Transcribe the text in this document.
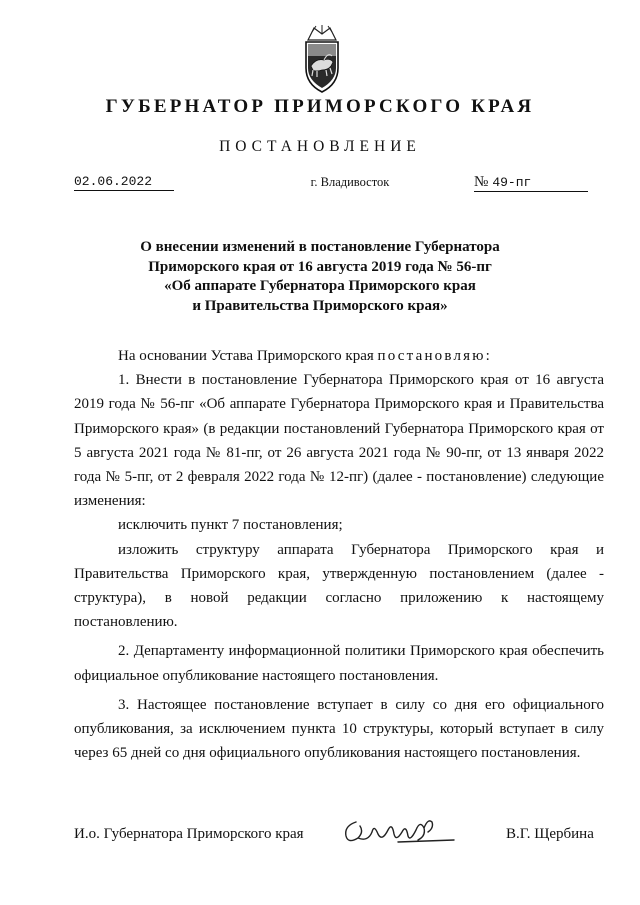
ГУБЕРНАТОР ПРИМОРСКОГО КРАЯ
ПОСТАНОВЛЕНИЕ
02.06.2022	г. Владивосток	№ 49-пг
О внесении изменений в постановление Губернатора
Приморского края от 16 августа 2019 года № 56-пг
«Об аппарате Губернатора Приморского края
и Правительства Приморского края»

На основании Устава Приморского края постановляю:

1. Внести в постановление Губернатора Приморского края от 16 августа 2019 года № 56-пг «Об аппарате Губернатора Приморского края и Правительства Приморского края» (в редакции постановлений Губернатора Приморского края от 5 августа 2021 года № 81-пг, от 26 августа 2021 года № 90-пг, от 13 января 2022 года № 5-пг, от 2 февраля 2022 года № 12-пг) (далее - постановление) следующие изменения:

исключить пункт 7 постановления;

изложить структуру аппарата Губернатора Приморского края и Правительства Приморского края, утвержденную постановлением (далее - структура), в новой редакции согласно приложению к настоящему постановлению.

2. Департаменту информационной политики Приморского края обеспечить официальное опубликование настоящего постановления.

3. Настоящее постановление вступает в силу со дня его официального опубликования, за исключением пункта 10 структуры, который вступает в силу через 65 дней со дня официального опубликования настоящего постановления.

И.о. Губернатора Приморского края	В.Г. Щербина
